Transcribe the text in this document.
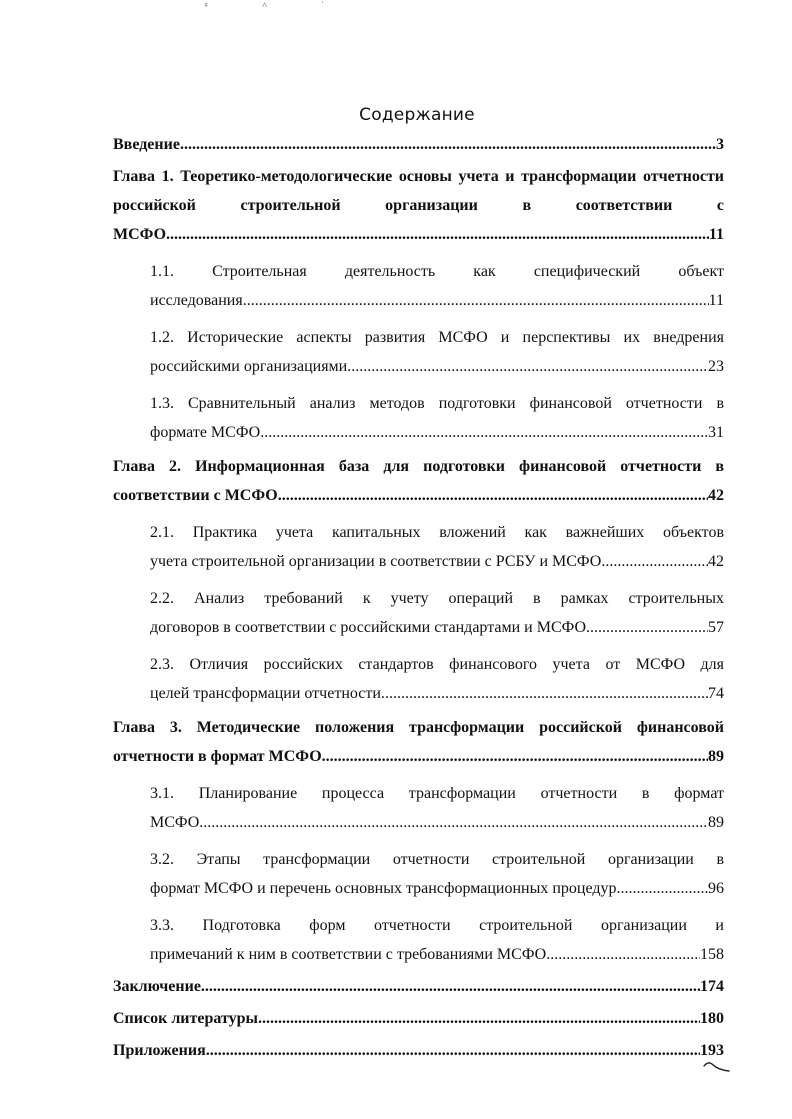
ᵍ ˄ ˈ
Содержание
Введение .....	3
Глава 1. Теоретико-методологические основы учета и трансформации отчетности российской строительной организации в соответствии с
МСФО. .....	11
1.1. Строительная деятельность как специфический объект
исследования. .....	11
1.2. Исторические аспекты развития МСФО и перспективы их внедрения
российскими организациями. .....	23
1.3. Сравнительный анализ методов подготовки финансовой отчетности в
формате МСФО. .....	31
Глава 2. Информационная база для подготовки финансовой отчетности в
соответствии с МСФО. .....	42
2.1. Практика учета капитальных вложений как важнейших объектов
учета строительной организации в соответствии с РСБУ и МСФО. .....	42
2.2. Анализ требований к учету операций в рамках строительных
договоров в соответствии с российскими стандартами и МСФО. .....	57
2.3. Отличия российских стандартов финансового учета от МСФО для
целей трансформации отчетности. .....	74
Глава 3. Методические положения трансформации российской финансовой
отчетности в формат МСФО. .....	89
3.1. Планирование процесса трансформации отчетности в формат
МСФО. .....	89
3.2. Этапы трансформации отчетности строительной организации в
формат МСФО и перечень основных трансформационных процедур .....	96
3.3. Подготовка форм отчетности строительной организации и
примечаний к ним в соответствии с требованиями МСФО. .....	158
Заключение .....	174
Список литературы .....	180
Приложения .....	193
